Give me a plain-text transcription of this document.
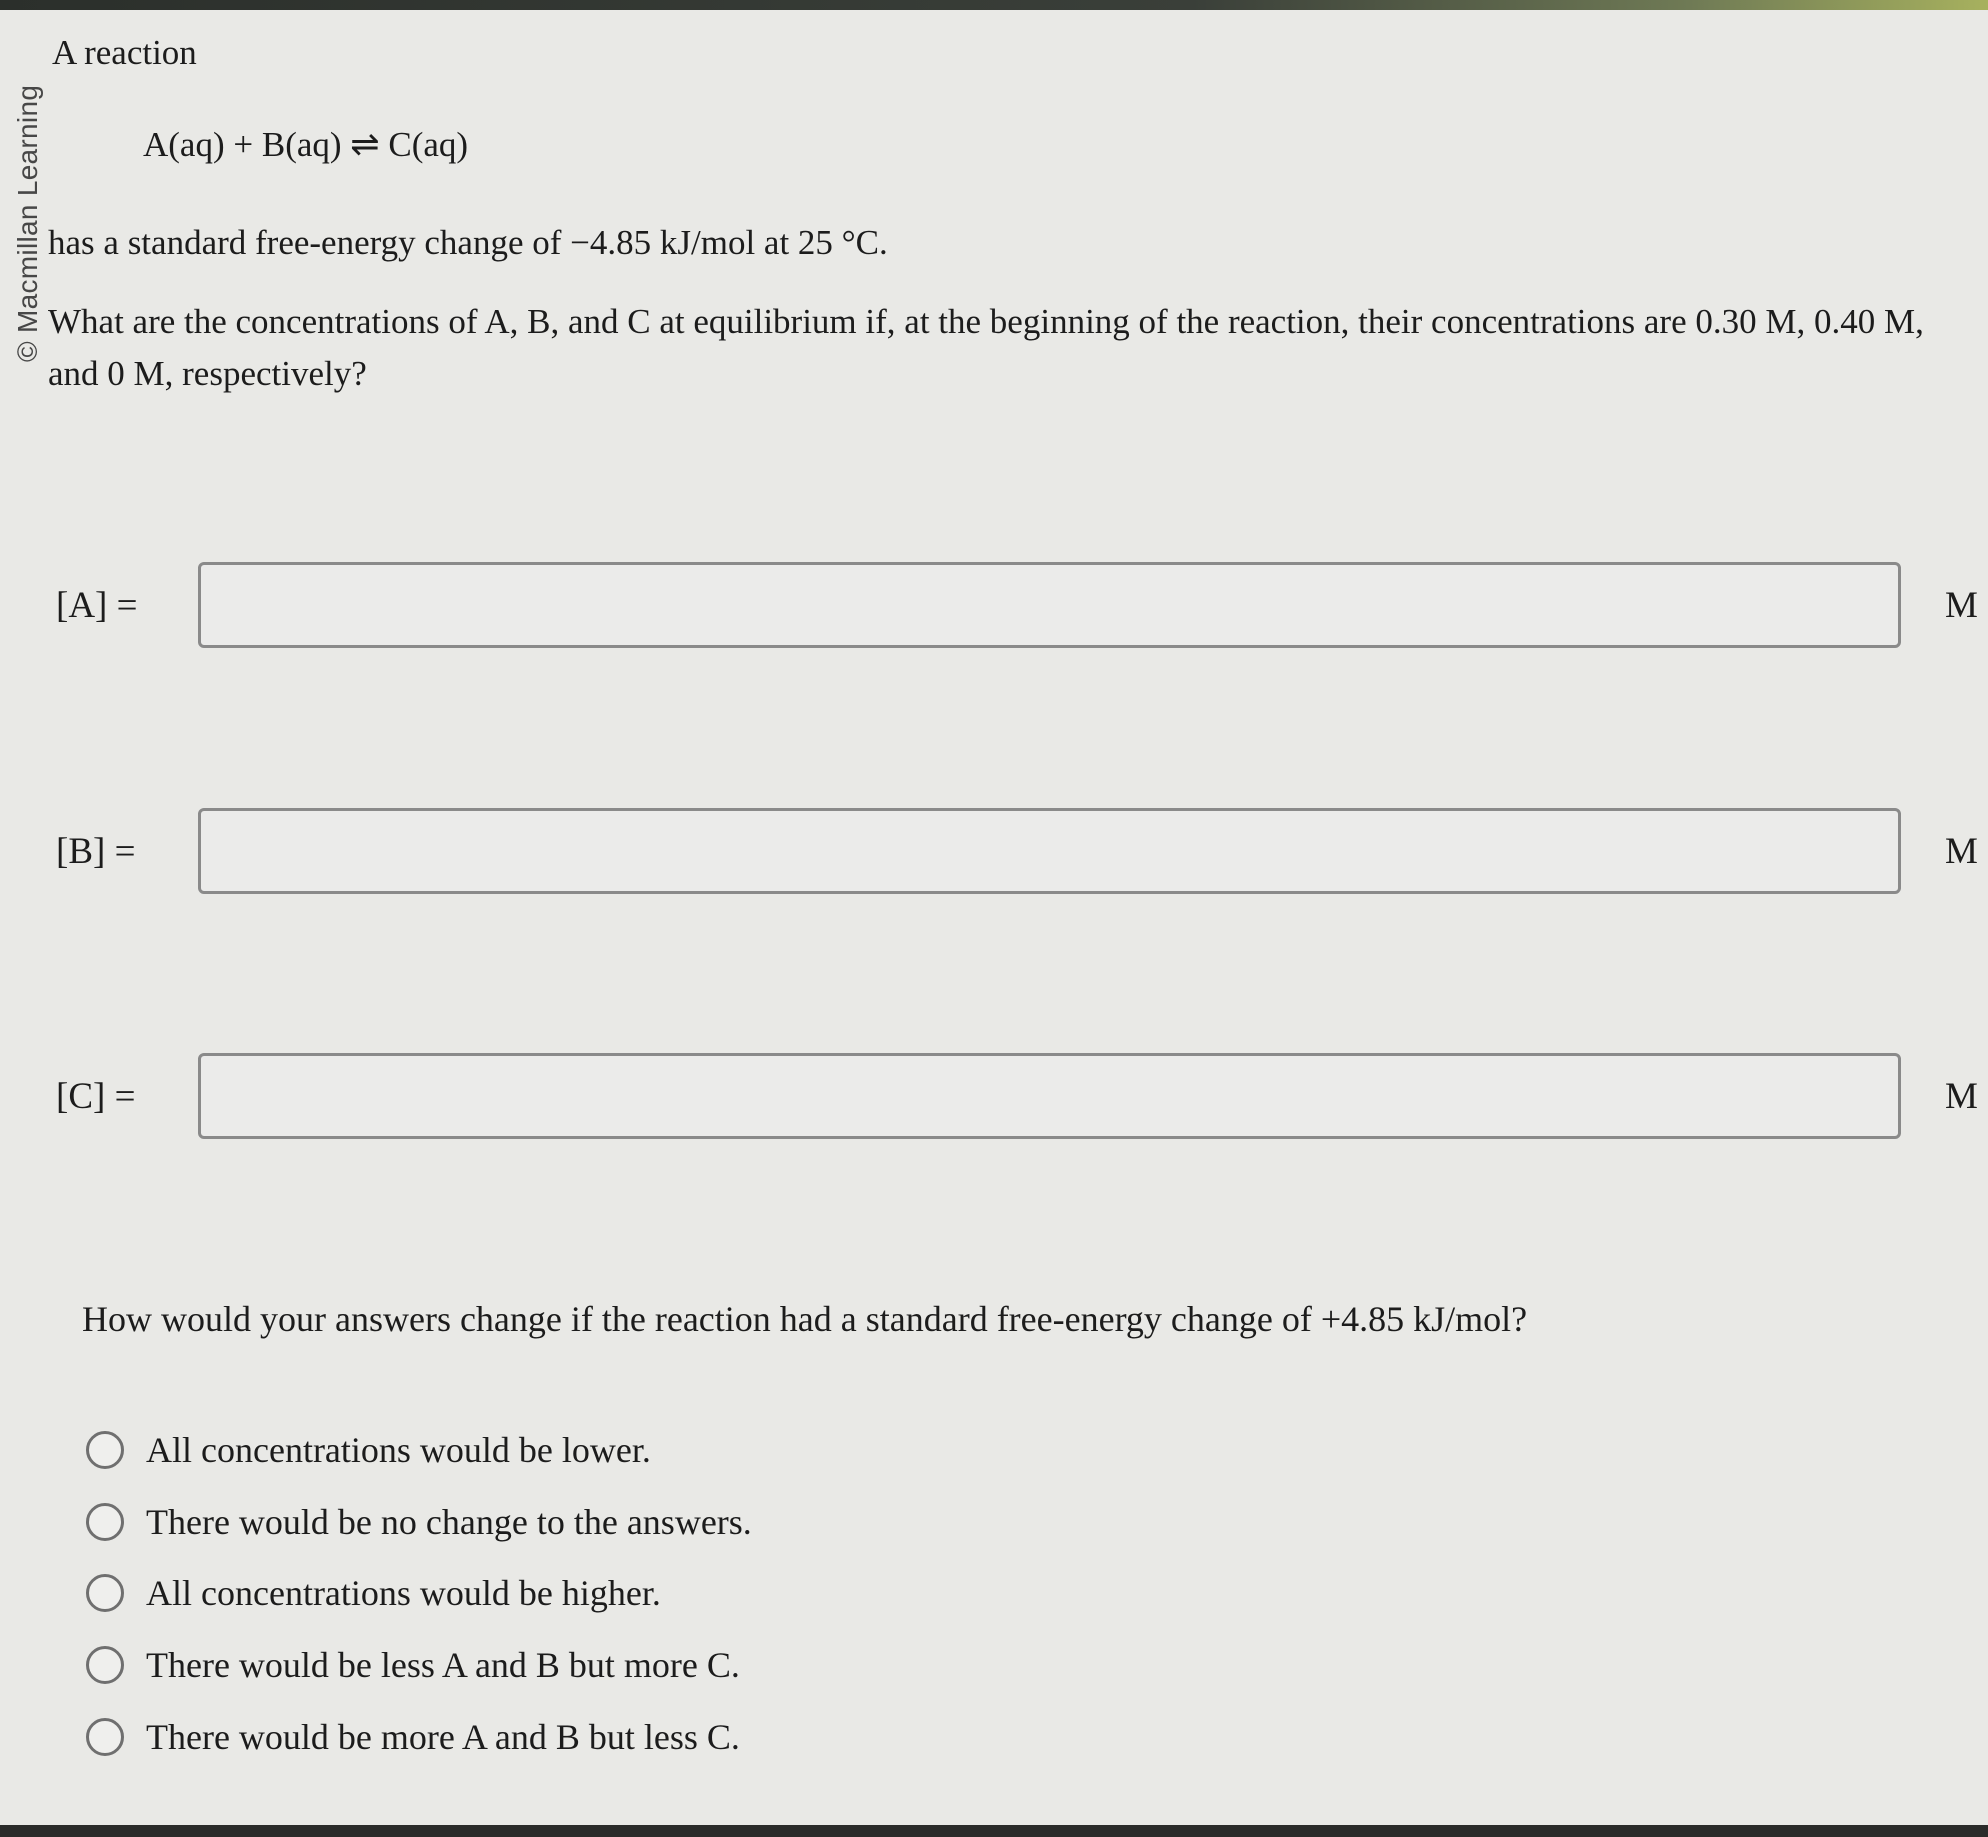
© Macmillan Learning
A reaction
A(aq) + B(aq) ⇌ C(aq)
has a standard free-energy change of −4.85 kJ/mol at 25 °C.
What are the concentrations of A, B, and C at equilibrium if, at the beginning of the reaction, their concentrations are 0.30 M, 0.40 M, and 0 M, respectively?
[A] =	M
[B] =	M
[C] =	M
How would your answers change if the reaction had a standard free-energy change of +4.85 kJ/mol?
All concentrations would be lower.
There would be no change to the answers.
All concentrations would be higher.
There would be less A and B but more C.
There would be more A and B but less C.
